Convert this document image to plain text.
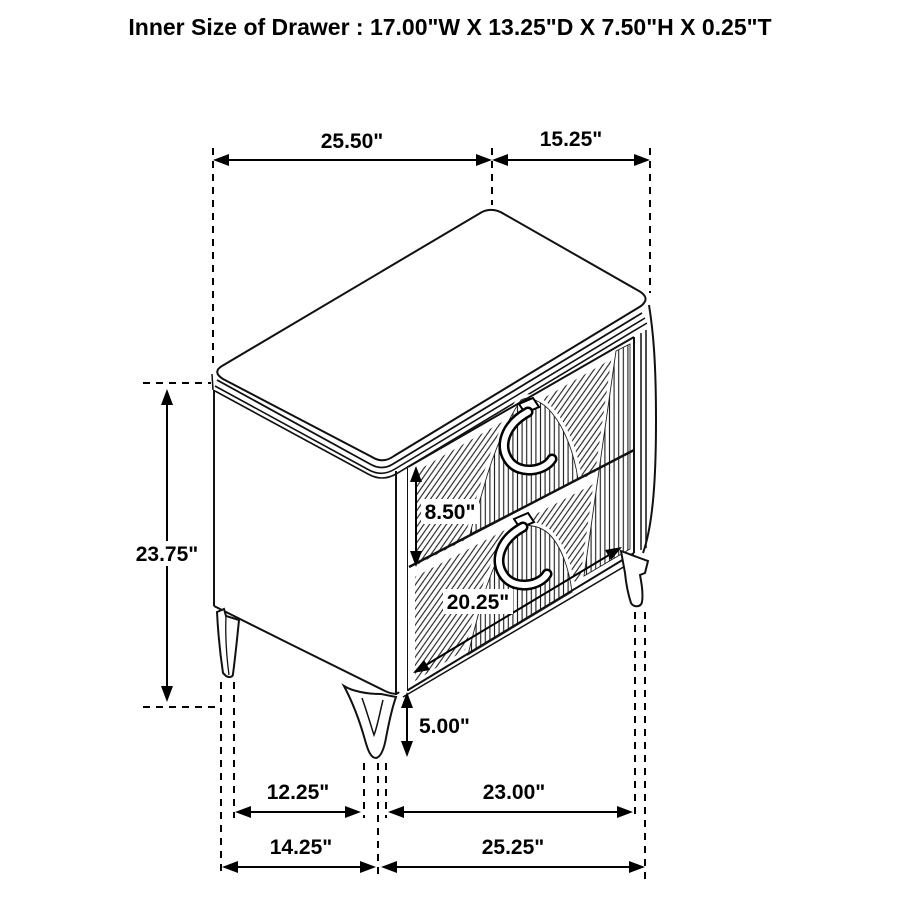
Inner Size of Drawer : 17.00"W X 13.25"D X 7.50"H X 0.25"T
25.50"	15.25"
23.75"
8.50"
20.25"
5.00"
12.25"	23.00"
14.25"	25.25"
